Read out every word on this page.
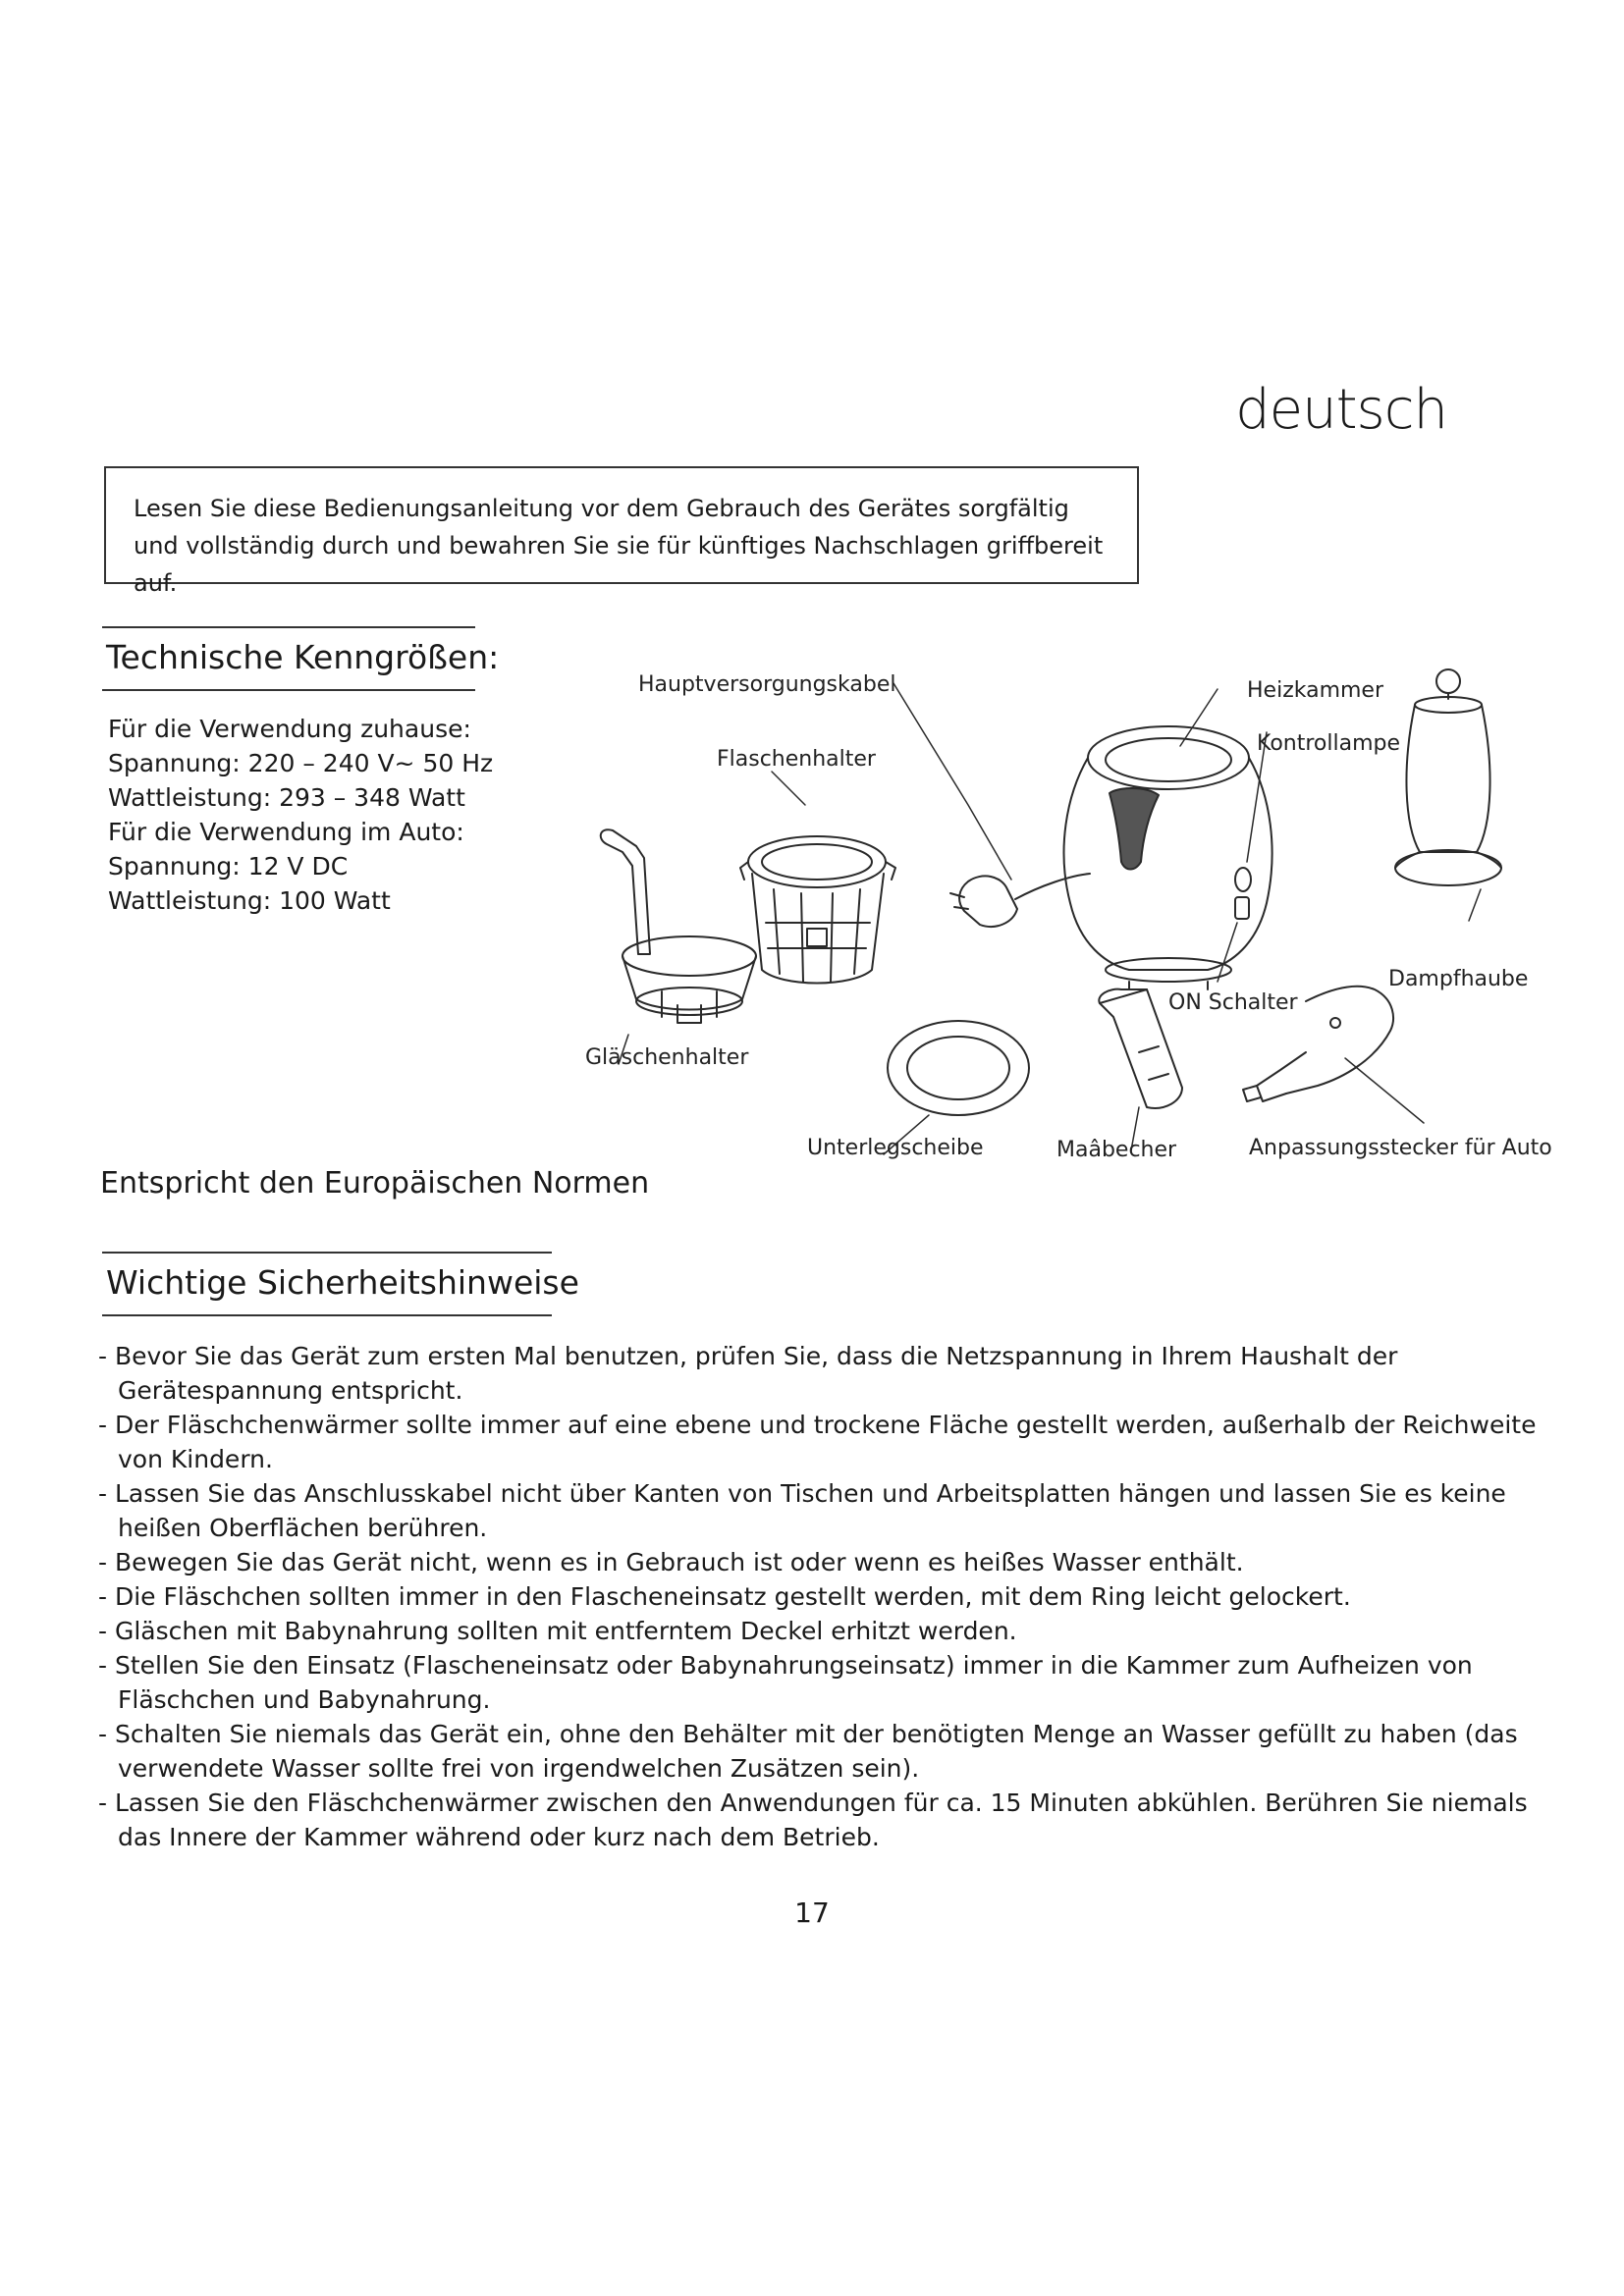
deutsch
Lesen Sie diese Bedienungsanleitung vor dem Gebrauch des Gerätes sorgfältig und vollständig durch und bewahren Sie sie für künftiges Nachschlagen griffbereit auf.
Technische Kenngrößen:
Für die Verwendung zuhause:
Spannung: 220 – 240 V~ 50 Hz
Wattleistung: 293 – 348 Watt
Für die Verwendung im Auto:
Spannung: 12 V DC
Wattleistung: 100 Watt
Hauptversorgungskabel
Flaschenhalter
Heizkammer
Kontrollampe
Dampfhaube
ON Schalter
Gläschenhalter
Unterlegscheibe	Maâbecher	Anpassungsstecker für Auto
Entspricht den Europäischen Normen
Wichtige Sicherheitshinweise
- Bevor Sie das Gerät zum ersten Mal benutzen, prüfen Sie, dass die Netzspannung in Ihrem Haushalt der Gerätespannung entspricht.
- Der Fläschchenwärmer sollte immer auf eine ebene und trockene Fläche gestellt werden, außerhalb der Reichweite von Kindern.
- Lassen Sie das Anschlusskabel nicht über Kanten von Tischen und Arbeitsplatten hängen und lassen Sie es keine heißen Oberflächen berühren.
- Bewegen Sie das Gerät nicht, wenn es in Gebrauch ist oder wenn es heißes Wasser enthält.
- Die Fläschchen sollten immer in den Flascheneinsatz gestellt werden, mit dem Ring leicht gelockert.
- Gläschen mit Babynahrung sollten mit entferntem Deckel erhitzt werden.
- Stellen Sie den Einsatz (Flascheneinsatz oder Babynahrungseinsatz) immer in die Kammer zum Aufheizen von Fläschchen und Babynahrung.
- Schalten Sie niemals das Gerät ein, ohne den Behälter mit der benötigten Menge an Wasser gefüllt zu haben (das verwendete Wasser sollte frei von irgendwelchen Zusätzen sein).
- Lassen Sie den Fläschchenwärmer zwischen den Anwendungen für ca. 15 Minuten abkühlen. Berühren Sie niemals das Innere der Kammer während oder kurz nach dem Betrieb.
17
